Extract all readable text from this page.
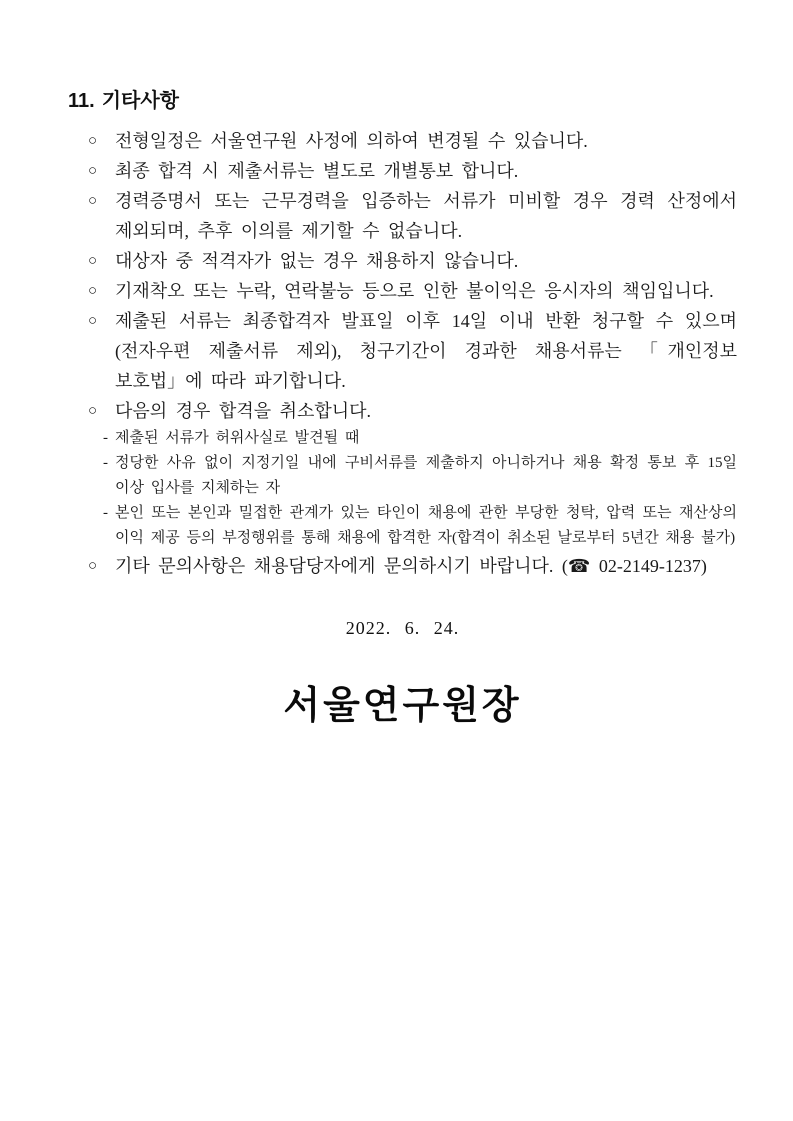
11. 기타사항
○ 전형일정은 서울연구원 사정에 의하여 변경될 수 있습니다.
○ 최종 합격 시 제출서류는 별도로 개별통보 합니다.
○ 경력증명서 또는 근무경력을 입증하는 서류가 미비할 경우 경력 산정에서 제외되며, 추후 이의를 제기할 수 없습니다.
○ 대상자 중 적격자가 없는 경우 채용하지 않습니다.
○ 기재착오 또는 누락, 연락불능 등으로 인한 불이익은 응시자의 책임입니다.
○ 제출된 서류는 최종합격자 발표일 이후 14일 이내 반환 청구할 수 있으며 (전자우편 제출서류 제외), 청구기간이 경과한 채용서류는 「개인정보 보호법」에 따라 파기합니다.
○ 다음의 경우 합격을 취소합니다.
- 제출된 서류가 허위사실로 발견될 때
- 정당한 사유 없이 지정기일 내에 구비서류를 제출하지 아니하거나 채용 확정 통보 후 15일 이상 입사를 지체하는 자
- 본인 또는 본인과 밀접한 관계가 있는 타인이 채용에 관한 부당한 청탁, 압력 또는 재산상의 이익 제공 등의 부정행위를 통해 채용에 합격한 자(합격이 취소된 날로부터 5년간 채용 불가)
○ 기타 문의사항은 채용담당자에게 문의하시기 바랍니다. (☎ 02-2149-1237)
2022. 6. 24.
서울연구원장
